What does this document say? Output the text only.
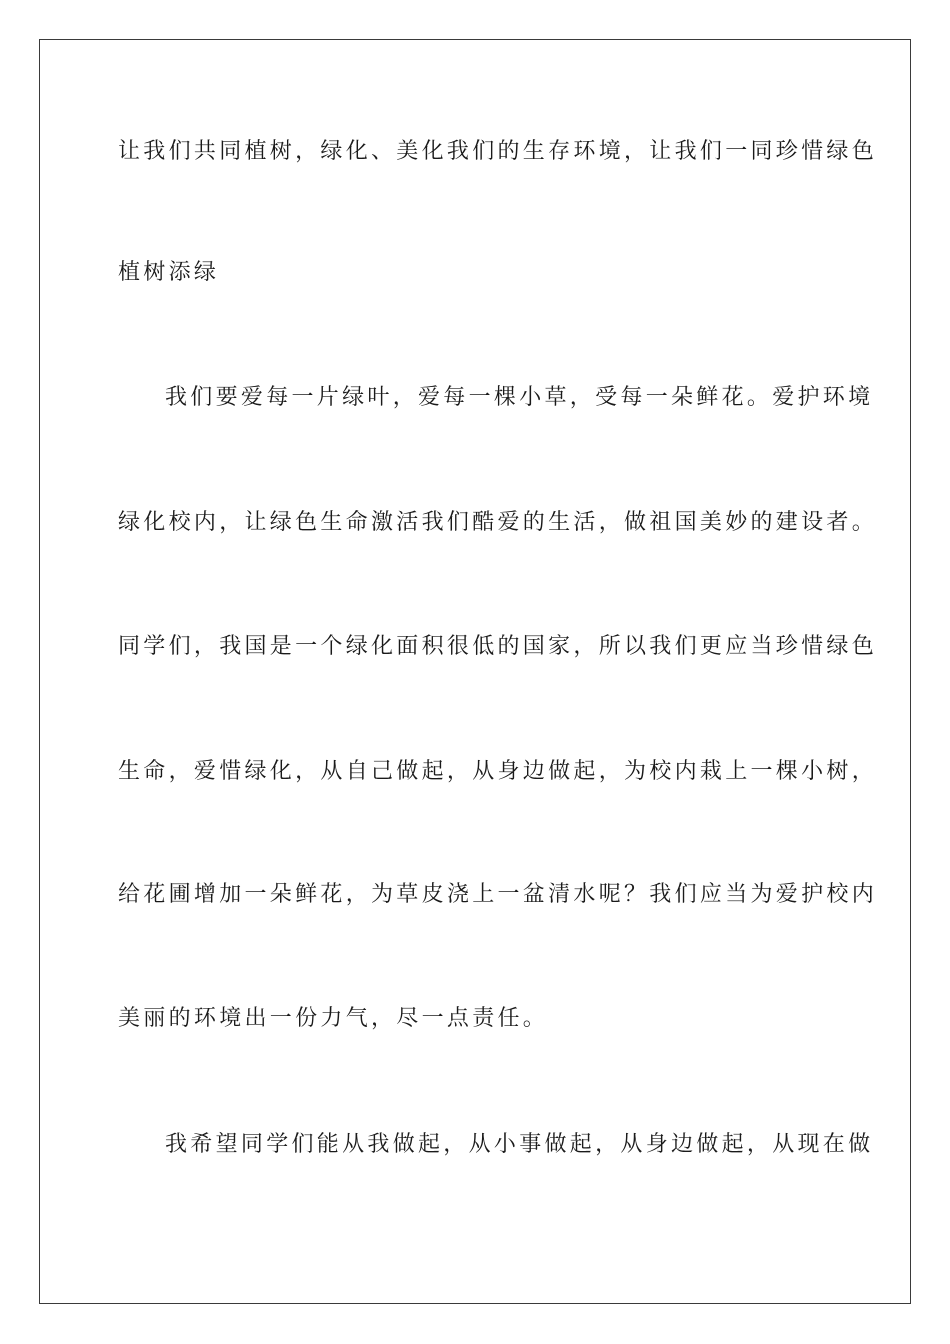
让我们共同植树，绿化、美化我们的生存环境，让我们一同珍惜绿色
植树添绿
我们要爱每一片绿叶，爱每一棵小草，受每一朵鲜花。爱护环境
绿化校内，让绿色生命激活我们酷爱的生活，做祖国美妙的建设者。
同学们，我国是一个绿化面积很低的国家，所以我们更应当珍惜绿色
生命，爱惜绿化，从自己做起，从身边做起，为校内栽上一棵小树，
给花圃增加一朵鲜花，为草皮浇上一盆清水呢？我们应当为爱护校内
美丽的环境出一份力气，尽一点责任。
我希望同学们能从我做起，从小事做起，从身边做起，从现在做
